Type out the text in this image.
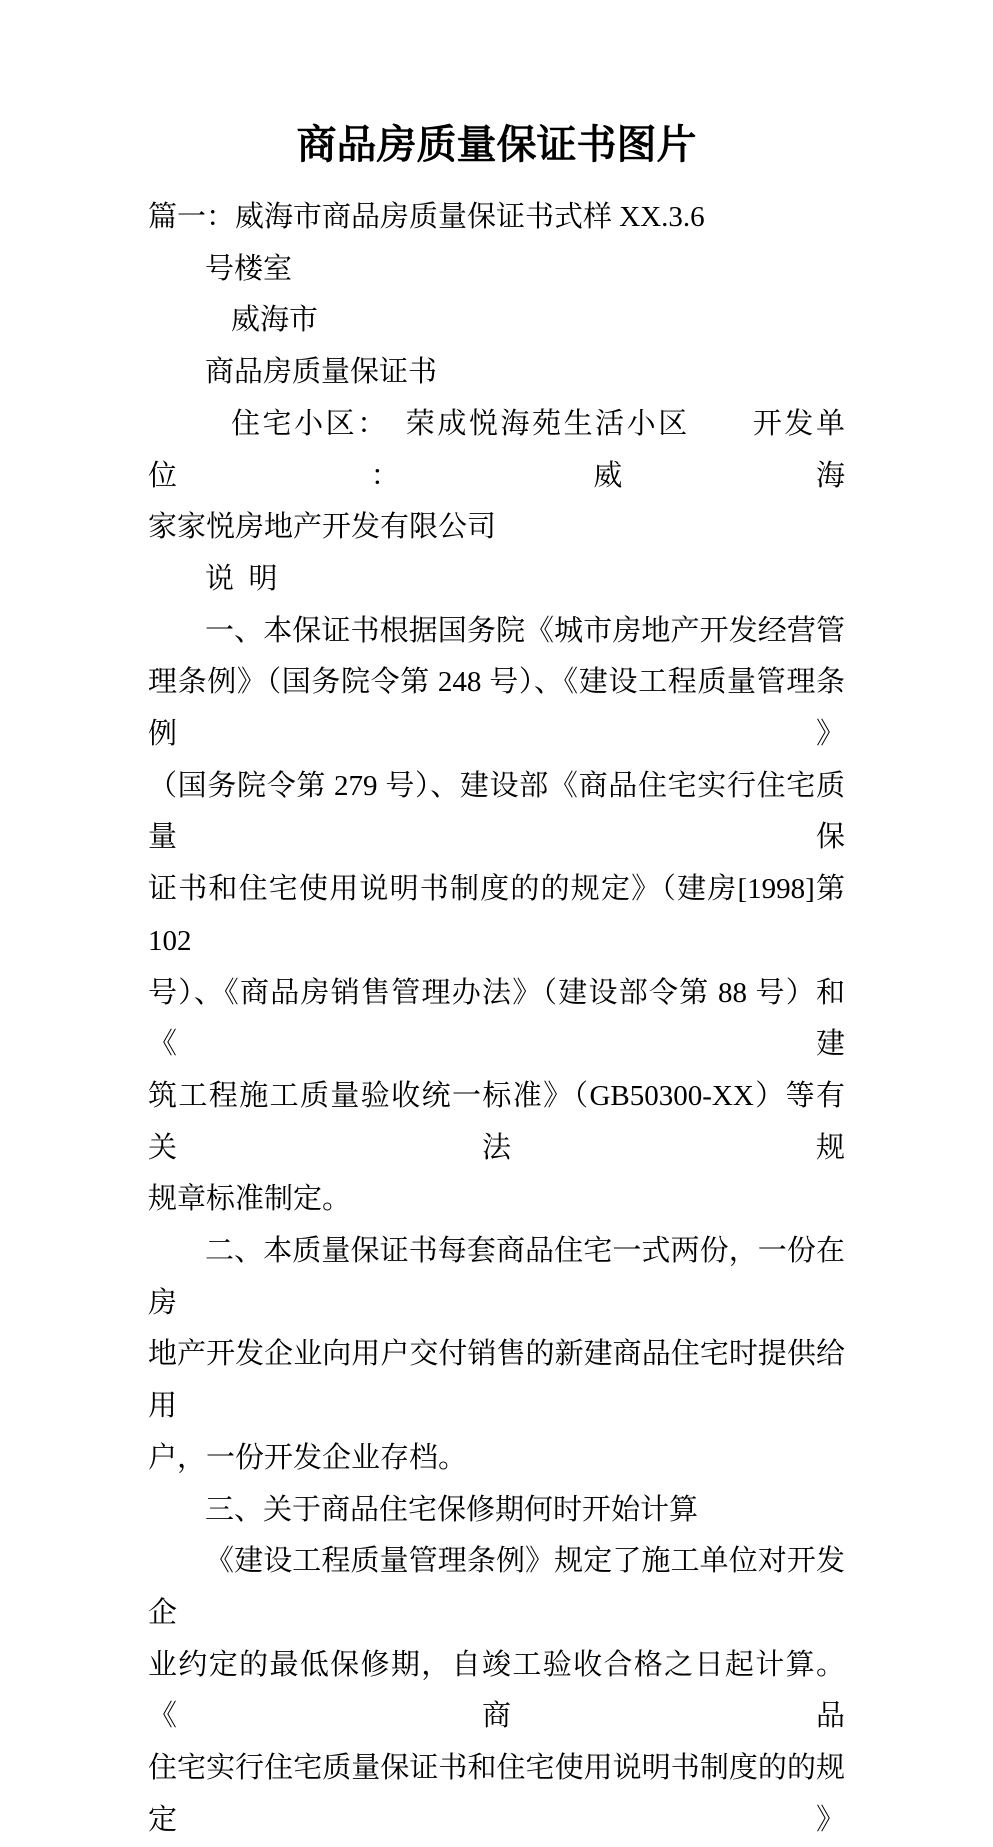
商品房质量保证书图片
篇一：威海市商品房质量保证书式样 XX.3.6
号楼室
威海市
商品房质量保证书
住宅小区：　荣成悦海苑生活小区　　开发单位：威海
家家悦房地产开发有限公司
说  明
一、本保证书根据国务院《城市房地产开发经营管
理条例》（国务院令第 248 号）、《建设工程质量管理条例》
（国务院令第 279 号）、建设部《商品住宅实行住宅质量保
证书和住宅使用说明书制度的的规定》（建房[1998]第 102
号）、《商品房销售管理办法》（建设部令第 88 号）和《建
筑工程施工质量验收统一标准》（GB50300-XX）等有关法规
规章标准制定。
二、本质量保证书每套商品住宅一式两份，一份在房
地产开发企业向用户交付销售的新建商品住宅时提供给用
户，一份开发企业存档。
三、关于商品住宅保修期何时开始计算
《建设工程质量管理条例》规定了施工单位对开发企
业约定的最低保修期，自竣工验收合格之日起计算。《商品
住宅实行住宅质量保证书和住宅使用说明书制度的的规定》
